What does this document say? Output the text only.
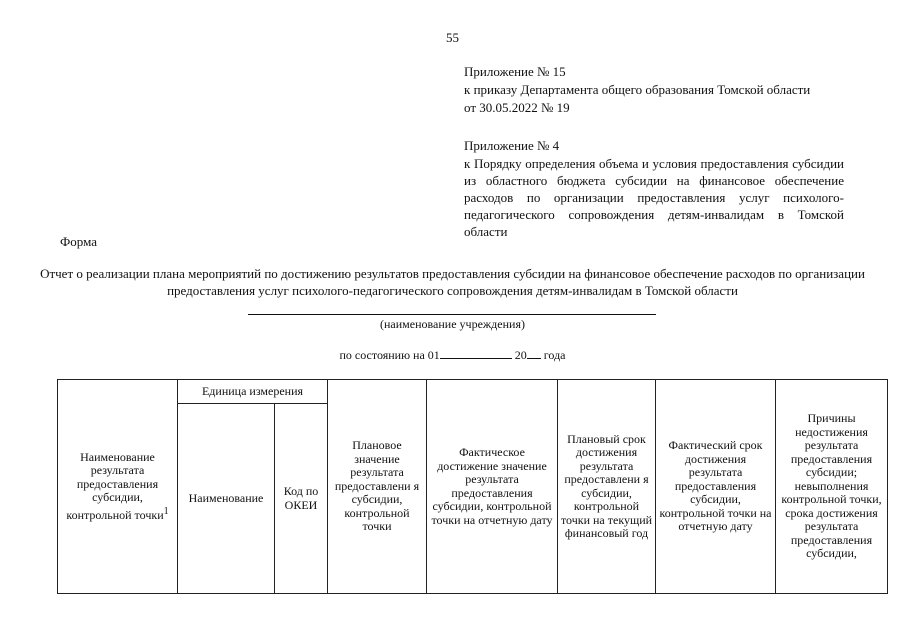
55
Приложение № 15
к приказу Департамента общего образования Томской области
от 30.05.2022 № 19
Приложение № 4
к Порядку определения объема и условия предоставления субсидии из областного бюджета субсидии на финансовое обеспечение расходов по организации предоставления услуг психолого-педагогического сопровождения детям-инвалидам в Томской области
Форма
Отчет о реализации плана мероприятий по достижению результатов предоставления субсидии на финансовое обеспечение расходов по организации предоставления услуг психолого-педагогического сопровождения детям-инвалидам в Томской области
(наименование учреждения)
по состоянию на 01	20 года
Наименование результата предоставления субсидии, контрольной точки$^1$	Единица измерения		Плановое значение результата предоставлени я субсидии, контрольной точки	Фактическое достижение значение результата предоставления субсидии, контрольной точки на отчетную дату	Плановый срок достижения результата предоставлени я субсидии, контрольной точки на текущий финансовый год	Фактический срок достижения результата предоставления субсидии, контрольной точки на отчетную дату	Причины недостижения результата предоставления субсидии; невыполнения контрольной точки, срока достижения результата предоставления субсидии,
	Наименование	Код по ОКЕИ					
